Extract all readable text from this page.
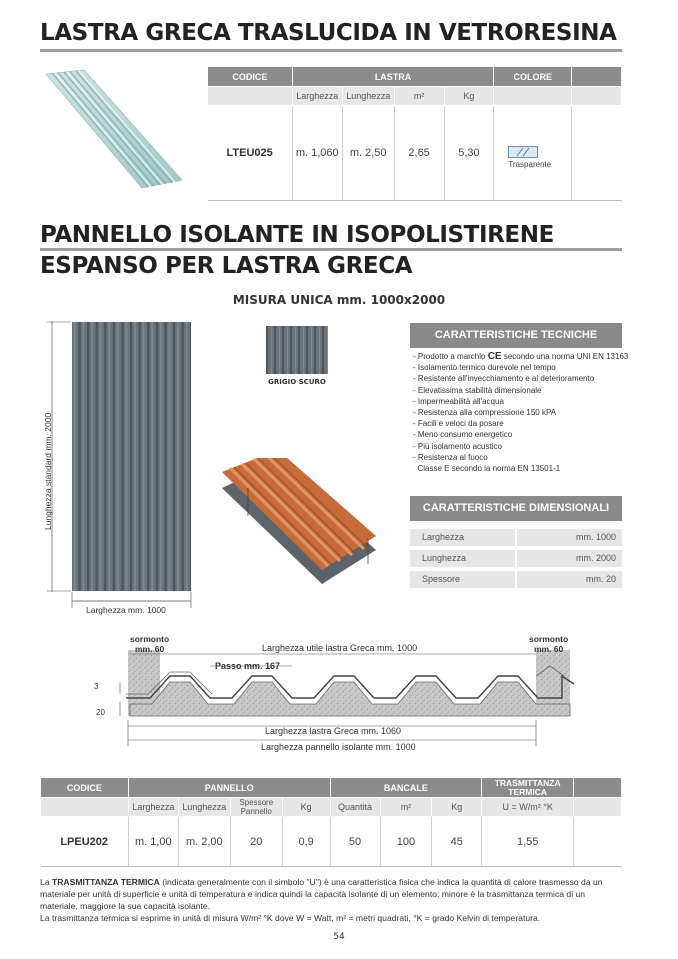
LASTRA GRECA TRASLUCIDA IN VETRORESINA
CODICE	LASTRA				COLORE	
	Larghezza	Lunghezza	m²	Kg		
LTEU025	m. 1,060	m. 2,50	2,65	5,30	Trasparente	

PANNELLO ISOLANTE IN ISOPOLISTIRENE
ESPANSO PER LASTRA GRECA
MISURA UNICA mm. 1000x2000
Lunghezza standard mm. 2000
Larghezza mm. 1000
GRIGIO SCURO
CARATTERISTICHE TECNICHE
- Prodotto a marchio CE secondo una norma UNI EN 13163
- Isolamento termico durevole nel tempo
- Resistente all'invecchiamento e al deterioramento
- Elevatissima stabilità dimensionale
- Impermeabilità all'acqua
- Resistenza alla compressione 150 kPA
- Facili e veloci da posare
- Meno consumo energetico
- Più isolamento acustico
- Resistenza al fuoco
Classe E secondo la norma EN 13501-1
CARATTERISTICHE DIMENSIONALI
Larghezza	mm. 1000
Lunghezza	mm. 2000
Spessore	mm. 20
sormonto
mm. 60
sormonto
mm. 60
Larghezza utile lastra Greca mm. 1000
Passo mm. 167
3
20
Larghezza lastra Greca mm. 1060
Larghezza pannello isolante mm. 1000
CODICE	PANNELLO				BANCALE			TRASMITTANZA TERMICA	
	Larghezza	Lunghezza	Spessore Pannello	Kg	Quantità	m²	Kg	U = W/m² °K	
LPEU202	m. 1,00	m. 2,00	20	0,9	50	100	45	1,55	
La TRASMITTANZA TERMICA (indicata generalmente con il simbolo "U") è una caratteristica fisica che indica la quantità di calore trasmesso da un materiale per unità di superficie e unità di temperatura e indica quindi la capacità isolante di un elemento: minore è la trasmittanza termica di un materiale, maggiore la sua capacità isolante.
La trasmittanza termica si esprime in unità di misura W/m² °K dove W = Watt, m² = metri quadrati, °K = grado Kelvin di temperatura.
54
